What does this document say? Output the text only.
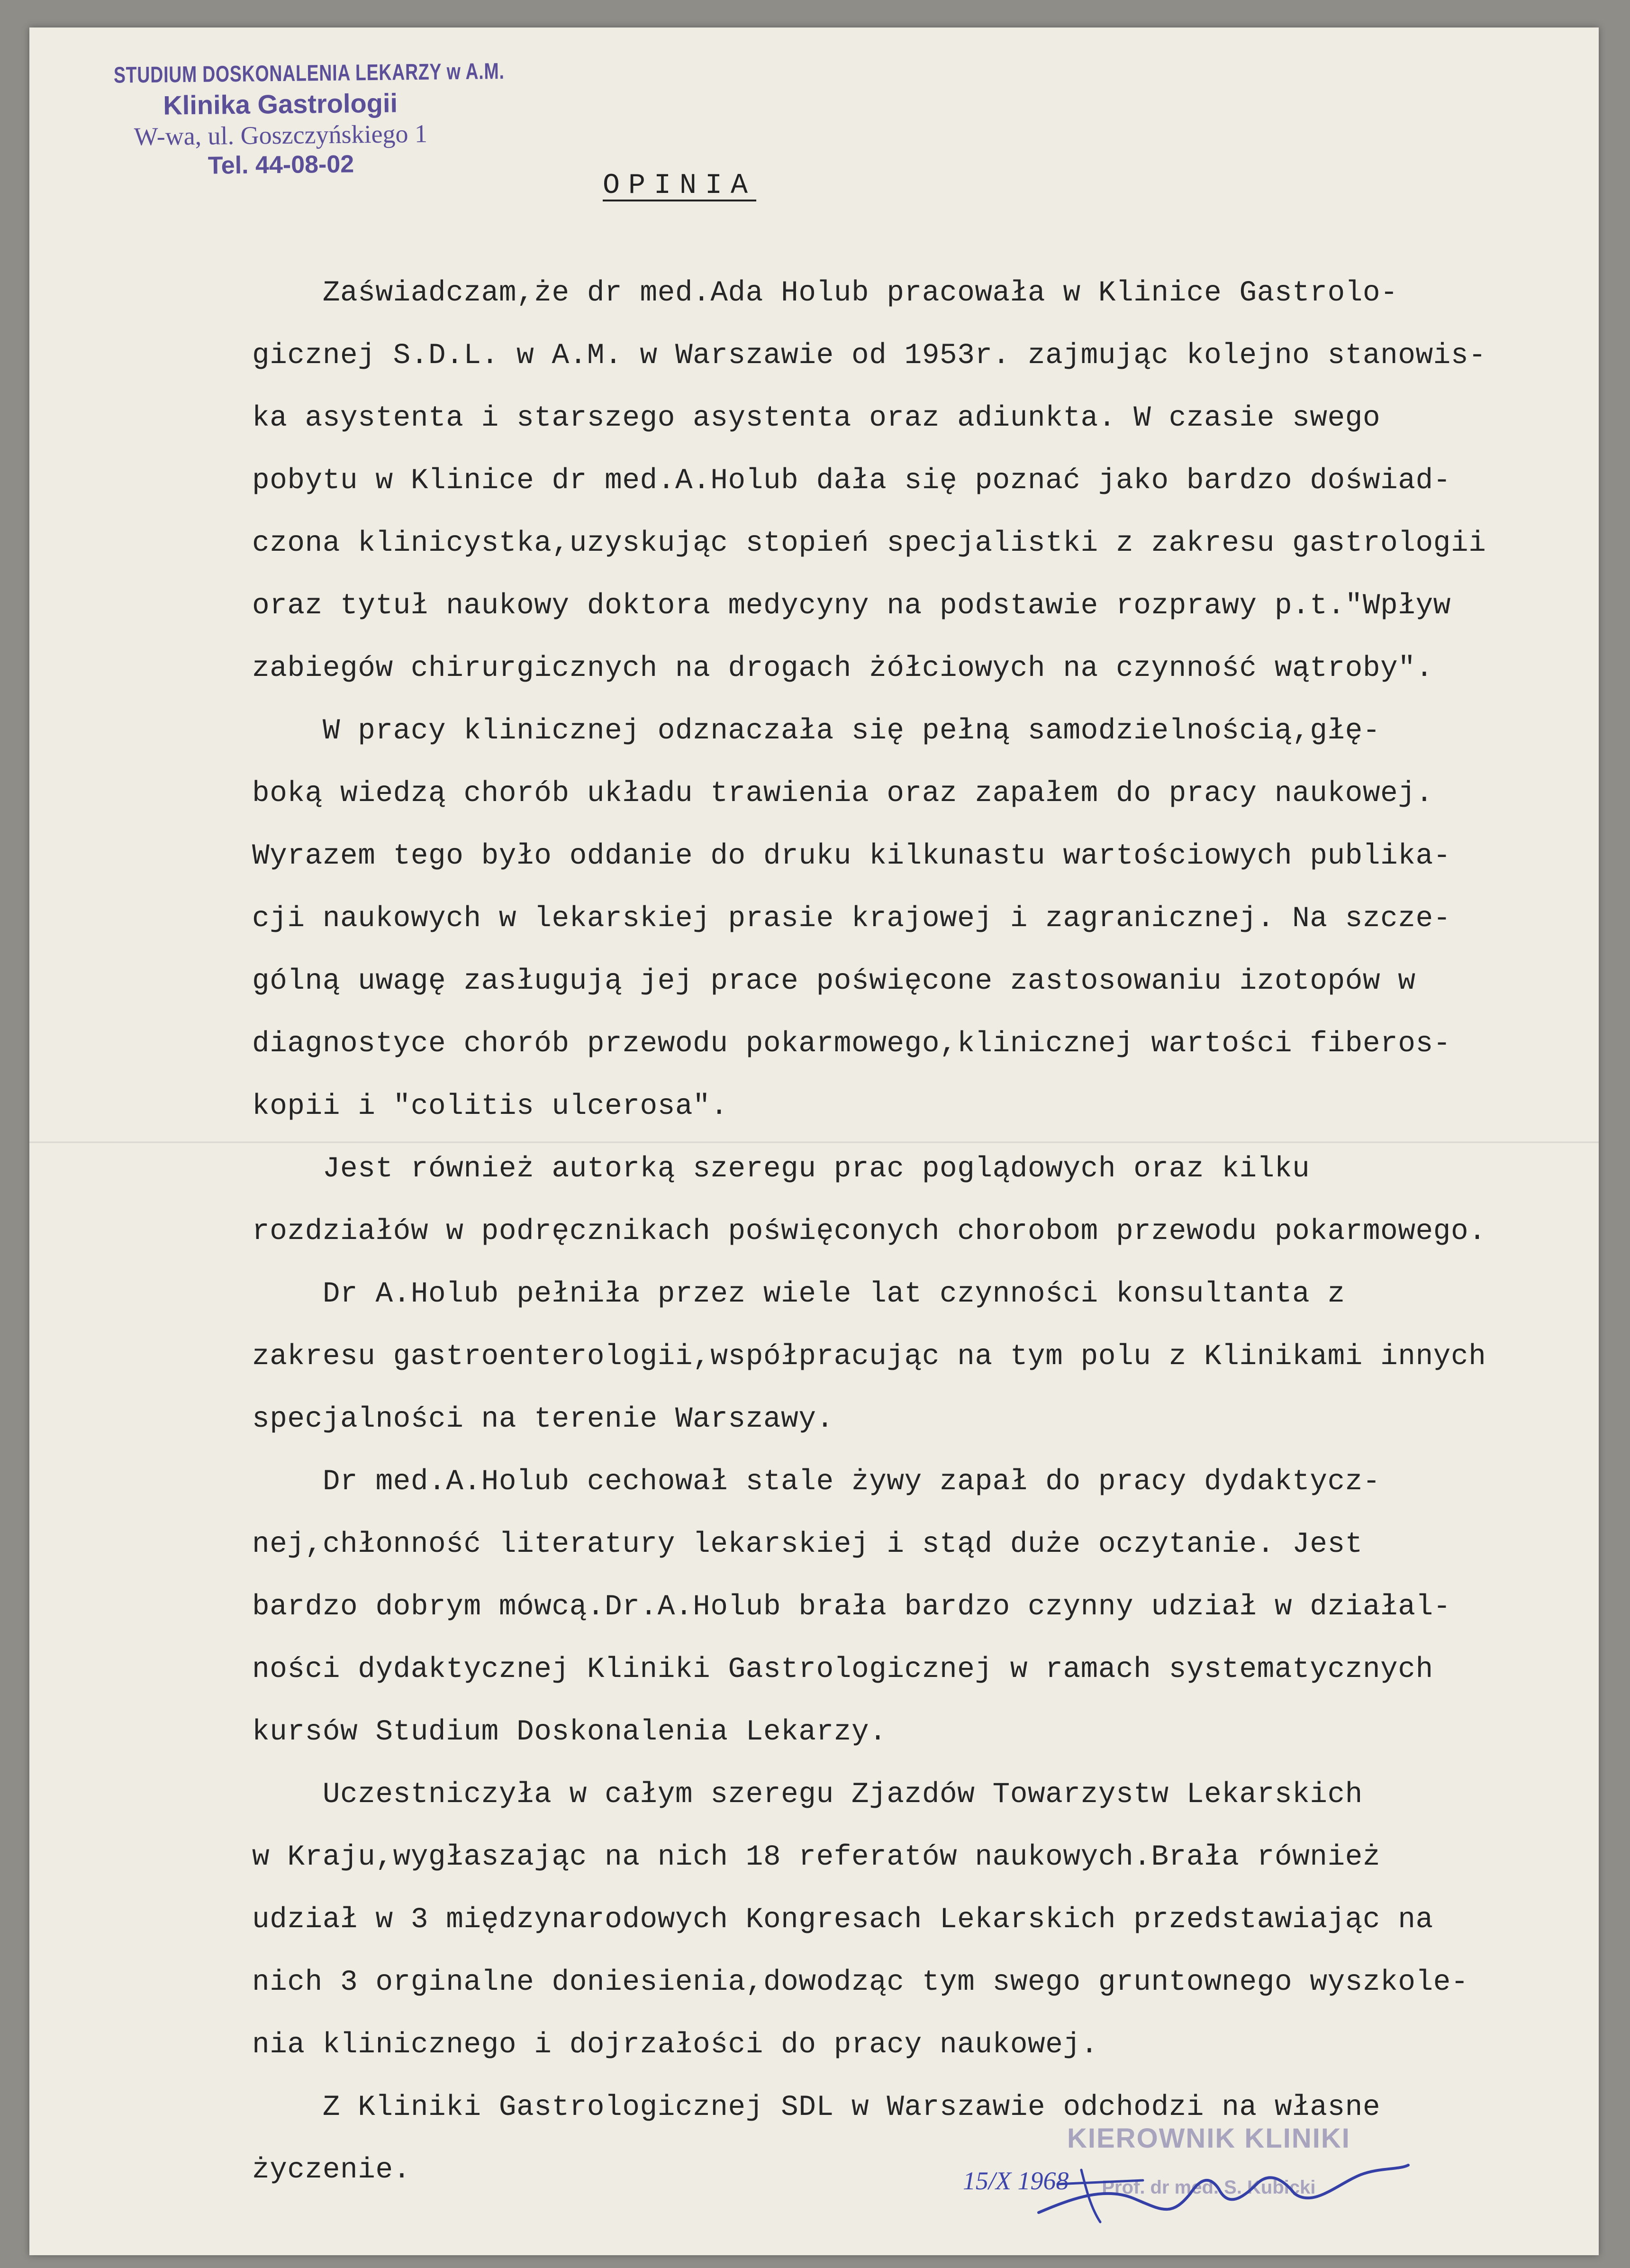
STUDIUM DOSKONALENIA LEKARZY w A.M.
Klinika Gastrologii
W-wa, ul. Goszczyńskiego 1
Tel. 44-08-02
OPINIA
Zaświadczam,że dr med.Ada Holub pracowała w Klinice Gastrolo-
gicznej S.D.L. w A.M. w Warszawie od 1953r. zajmując kolejno stanowis-
ka asystenta i starszego asystenta oraz adiunkta. W czasie swego
pobytu w Klinice dr med.A.Holub dała się poznać jako bardzo doświad-
czona klinicystka,uzyskując stopień specjalistki z zakresu gastrologii
oraz tytuł naukowy doktora medycyny na podstawie rozprawy p.t."Wpływ
zabiegów chirurgicznych na drogach żółciowych na czynność wątroby".
W pracy klinicznej odznaczała się pełną samodzielnością,głę-
boką wiedzą chorób układu trawienia oraz zapałem do pracy naukowej.
Wyrazem tego było oddanie do druku kilkunastu wartościowych publika-
cji naukowych w lekarskiej prasie krajowej i zagranicznej. Na szcze-
gólną uwagę zasługują jej prace poświęcone zastosowaniu izotopów w
diagnostyce chorób przewodu pokarmowego,klinicznej wartości fiberos-
kopii i "colitis ulcerosa".
Jest również autorką szeregu prac poglądowych oraz kilku
rozdziałów w podręcznikach poświęconych chorobom przewodu pokarmowego.
Dr A.Holub pełniła przez wiele lat czynności konsultanta z
zakresu gastroenterologii,współpracując na tym polu z Klinikami innych
specjalności na terenie Warszawy.
Dr med.A.Holub cechował stale żywy zapał do pracy dydaktycz-
nej,chłonność literatury lekarskiej i stąd duże oczytanie. Jest
bardzo dobrym mówcą.Dr.A.Holub brała bardzo czynny udział w działal-
ności dydaktycznej Kliniki Gastrologicznej w ramach systematycznych
kursów Studium Doskonalenia Lekarzy.
Uczestniczyła w całym szeregu Zjazdów Towarzystw Lekarskich
w Kraju,wygłaszając na nich 18 referatów naukowych.Brała również
udział w 3 międzynarodowych Kongresach Lekarskich przedstawiając na
nich 3 orginalne doniesienia,dowodząc tym swego gruntownego wyszkole-
nia klinicznego i dojrzałości do pracy naukowej.
Z Kliniki Gastrologicznej SDL w Warszawie odchodzi na własne
życzenie.
KIEROWNIK KLINIKI
Prof. dr med. S. Kubicki
15/X 1968
